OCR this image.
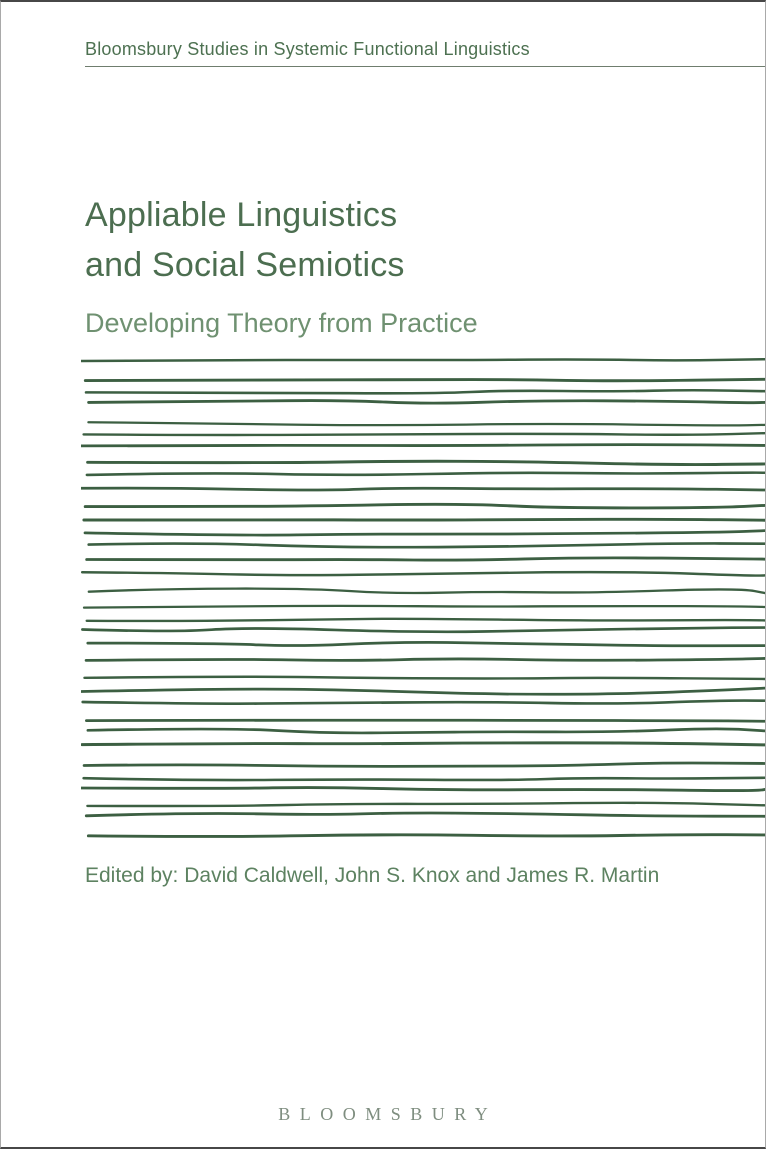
Bloomsbury Studies in Systemic Functional Linguistics
Appliable Linguistics
and Social Semiotics
Developing Theory from Practice
Edited by: David Caldwell, John S. Knox and James R. Martin
BLOOMSBURY
